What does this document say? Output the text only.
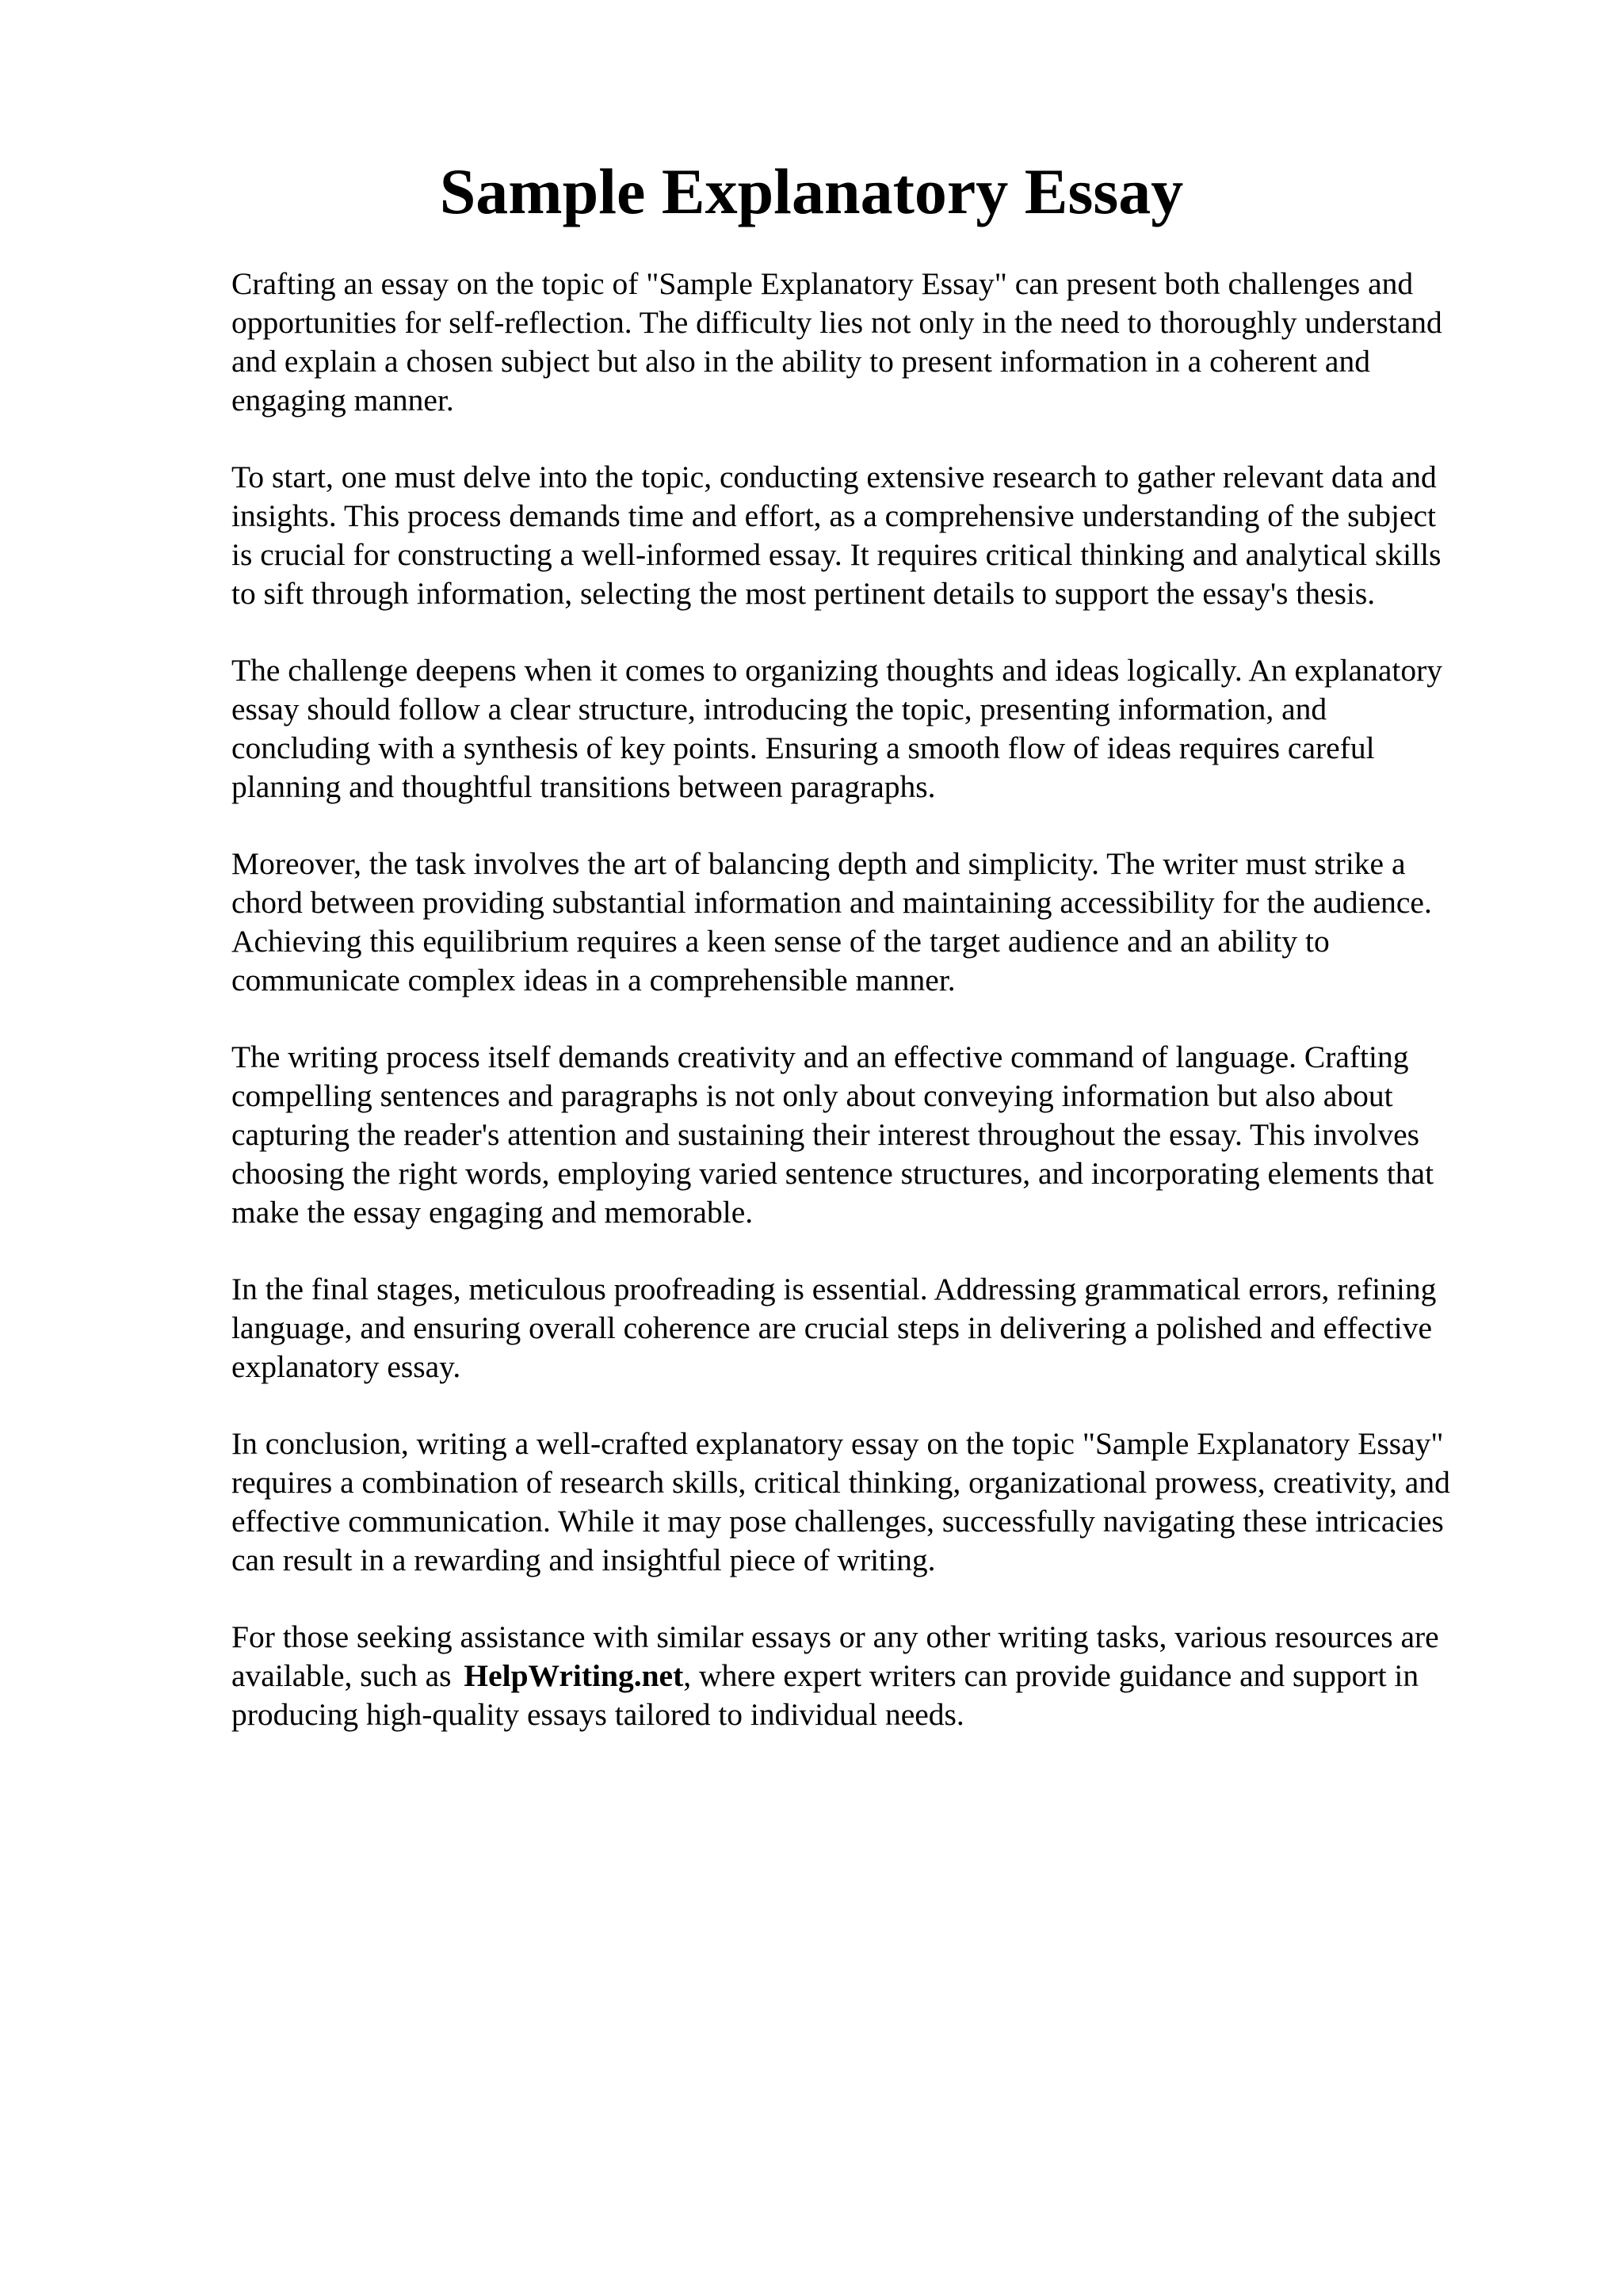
Sample Explanatory Essay

Crafting an essay on the topic of "Sample Explanatory Essay" can present both challenges and
opportunities for self-reflection. The difficulty lies not only in the need to thoroughly understand
and explain a chosen subject but also in the ability to present information in a coherent and
engaging manner.

To start, one must delve into the topic, conducting extensive research to gather relevant data and
insights. This process demands time and effort, as a comprehensive understanding of the subject
is crucial for constructing a well-informed essay. It requires critical thinking and analytical skills
to sift through information, selecting the most pertinent details to support the essay's thesis.

The challenge deepens when it comes to organizing thoughts and ideas logically. An explanatory
essay should follow a clear structure, introducing the topic, presenting information, and
concluding with a synthesis of key points. Ensuring a smooth flow of ideas requires careful
planning and thoughtful transitions between paragraphs.

Moreover, the task involves the art of balancing depth and simplicity. The writer must strike a
chord between providing substantial information and maintaining accessibility for the audience.
Achieving this equilibrium requires a keen sense of the target audience and an ability to
communicate complex ideas in a comprehensible manner.

The writing process itself demands creativity and an effective command of language. Crafting
compelling sentences and paragraphs is not only about conveying information but also about
capturing the reader's attention and sustaining their interest throughout the essay. This involves
choosing the right words, employing varied sentence structures, and incorporating elements that
make the essay engaging and memorable.

In the final stages, meticulous proofreading is essential. Addressing grammatical errors, refining
language, and ensuring overall coherence are crucial steps in delivering a polished and effective
explanatory essay.

In conclusion, writing a well-crafted explanatory essay on the topic "Sample Explanatory Essay"
requires a combination of research skills, critical thinking, organizational prowess, creativity, and
effective communication. While it may pose challenges, successfully navigating these intricacies
can result in a rewarding and insightful piece of writing.

For those seeking assistance with similar essays or any other writing tasks, various resources are
available, such as HelpWriting.net, where expert writers can provide guidance and support in
producing high-quality essays tailored to individual needs.
